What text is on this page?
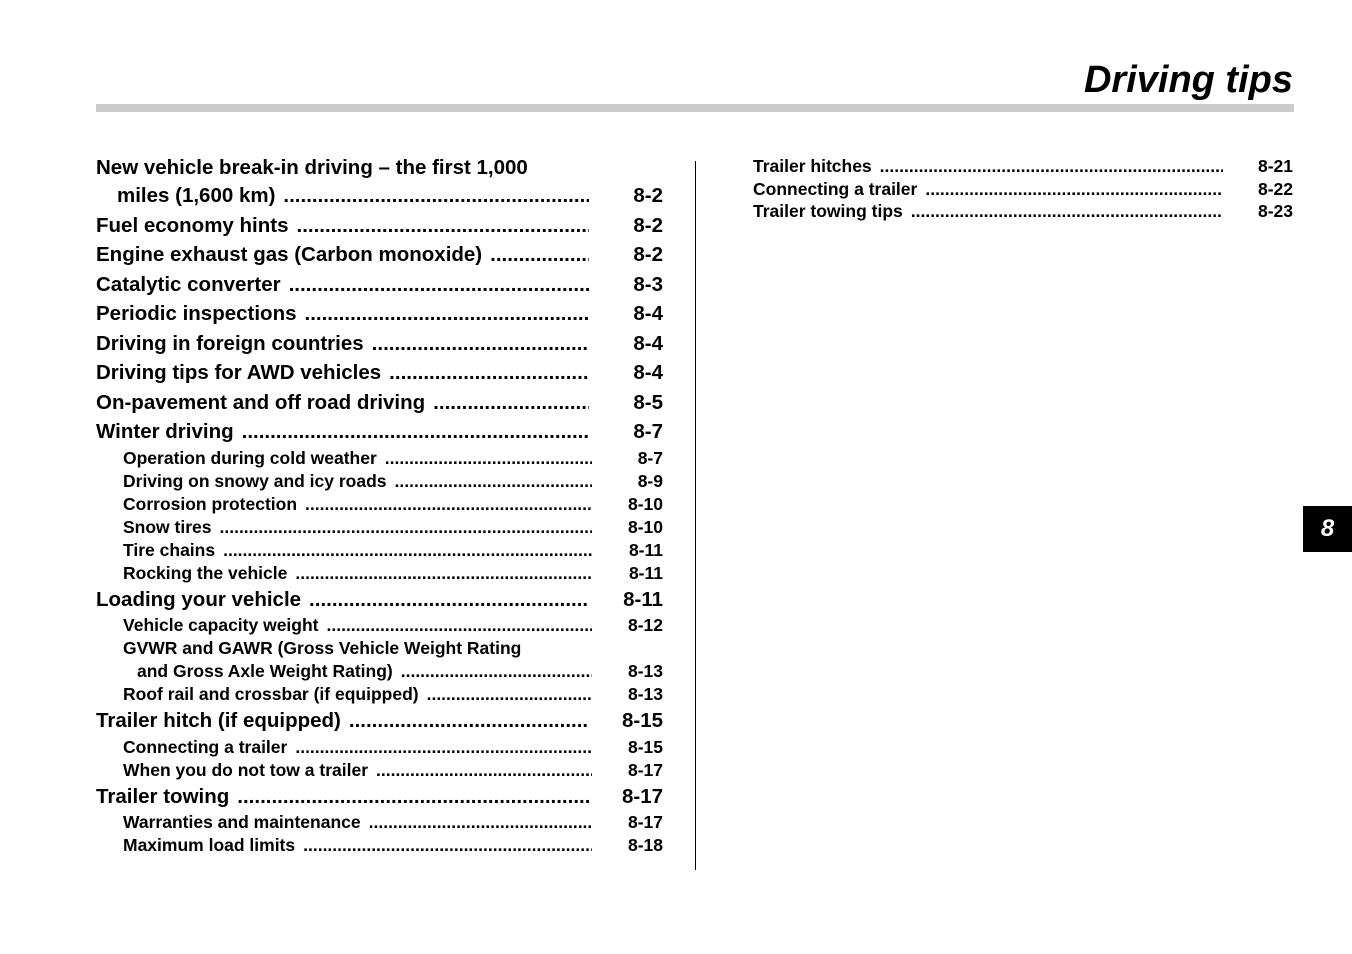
Driving tips
8
New vehicle break-in driving – the first 1,000
miles (1,600 km) .....	8-2
Fuel economy hints .....	8-2
Engine exhaust gas (Carbon monoxide) .....	8-2
Catalytic converter .....	8-3
Periodic inspections .....	8-4
Driving in foreign countries .....	8-4
Driving tips for AWD vehicles .....	8-4
On-pavement and off road driving .....	8-5
Winter driving .....	8-7
Operation during cold weather .....	8-7
Driving on snowy and icy roads .....	8-9
Corrosion protection .....	8-10
Snow tires .....	8-10
Tire chains .....	8-11
Rocking the vehicle .....	8-11
Loading your vehicle .....	8-11
Vehicle capacity weight .....	8-12
GVWR and GAWR (Gross Vehicle Weight Rating
and Gross Axle Weight Rating) .....	8-13
Roof rail and crossbar (if equipped) .....	8-13
Trailer hitch (if equipped) .....	8-15
Connecting a trailer .....	8-15
When you do not tow a trailer .....	8-17
Trailer towing .....	8-17
Warranties and maintenance .....	8-17
Maximum load limits .....	8-18
Trailer hitches .....	8-21
Connecting a trailer .....	8-22
Trailer towing tips .....	8-23
